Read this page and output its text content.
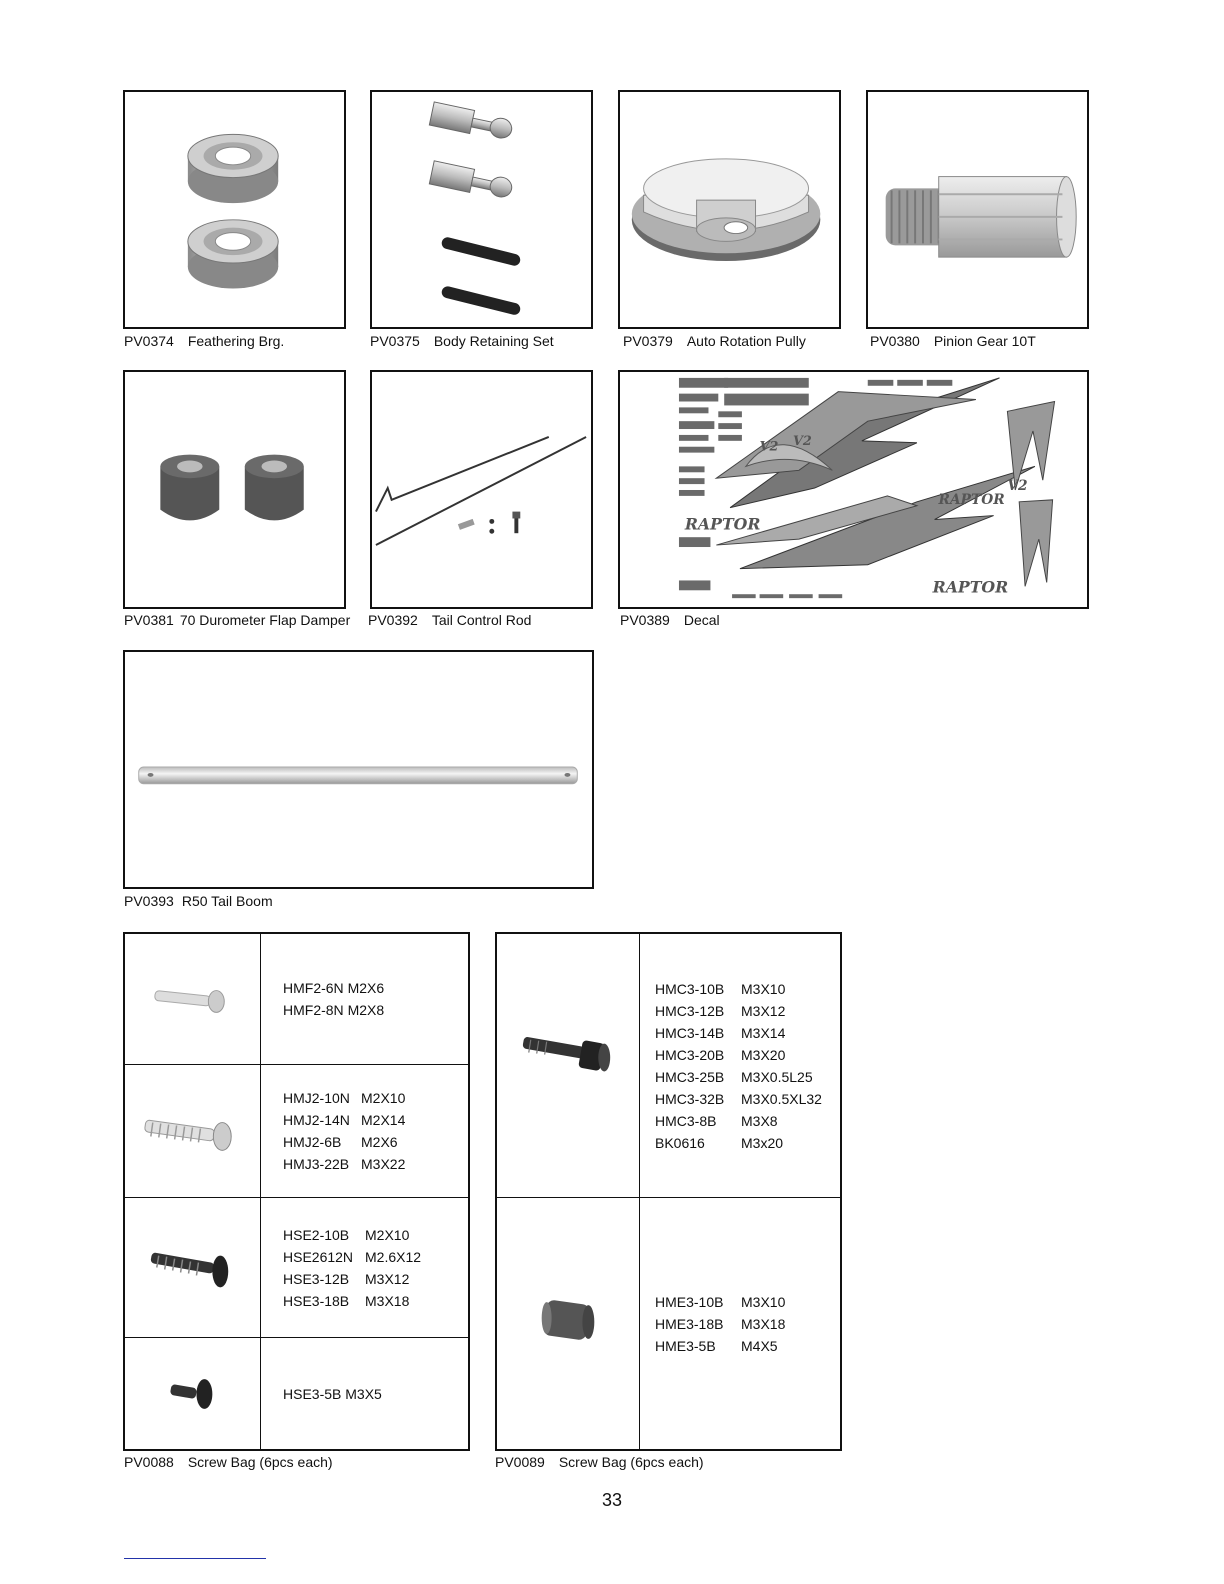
PV0374 Feathering Brg.	PV0375 Body Retaining Set	PV0379 Auto Rotation Pully	PV0380 Pinion Gear 10T
PV0381 70 Durometer Flap Damper PV0392 Tail Control Rod
RAPTOR
RAPTOR
RAPTOR
V2 V2
V2
PV0389 Decal
PV0393 R50 Tail Boom
HMF2-6N M2X6
HMF2-8N M2X8
HMJ2-10N M2X10
HMJ2-14N M2X14
HMJ2-6B M2X6
HMJ3-22B M3X22
HSE2-10B M2X10
HSE2612N M2.6X12
HSE3-12B M3X12
HSE3-18B M3X18
HSE3-5B M3X5
PV0088 Screw Bag (6pcs each)
HMC3-10B M3X10
HMC3-12B M3X12
HMC3-14B M3X14
HMC3-20B M3X20
HMC3-25B M3X0.5L25
HMC3-32B M3X0.5XL32
HMC3-8B M3X8
BK0616	M3x20
HME3-10B M3X10
HME3-18B M3X18
HME3-5B M4X5
PV0089 Screw Bag (6pcs each)
33
